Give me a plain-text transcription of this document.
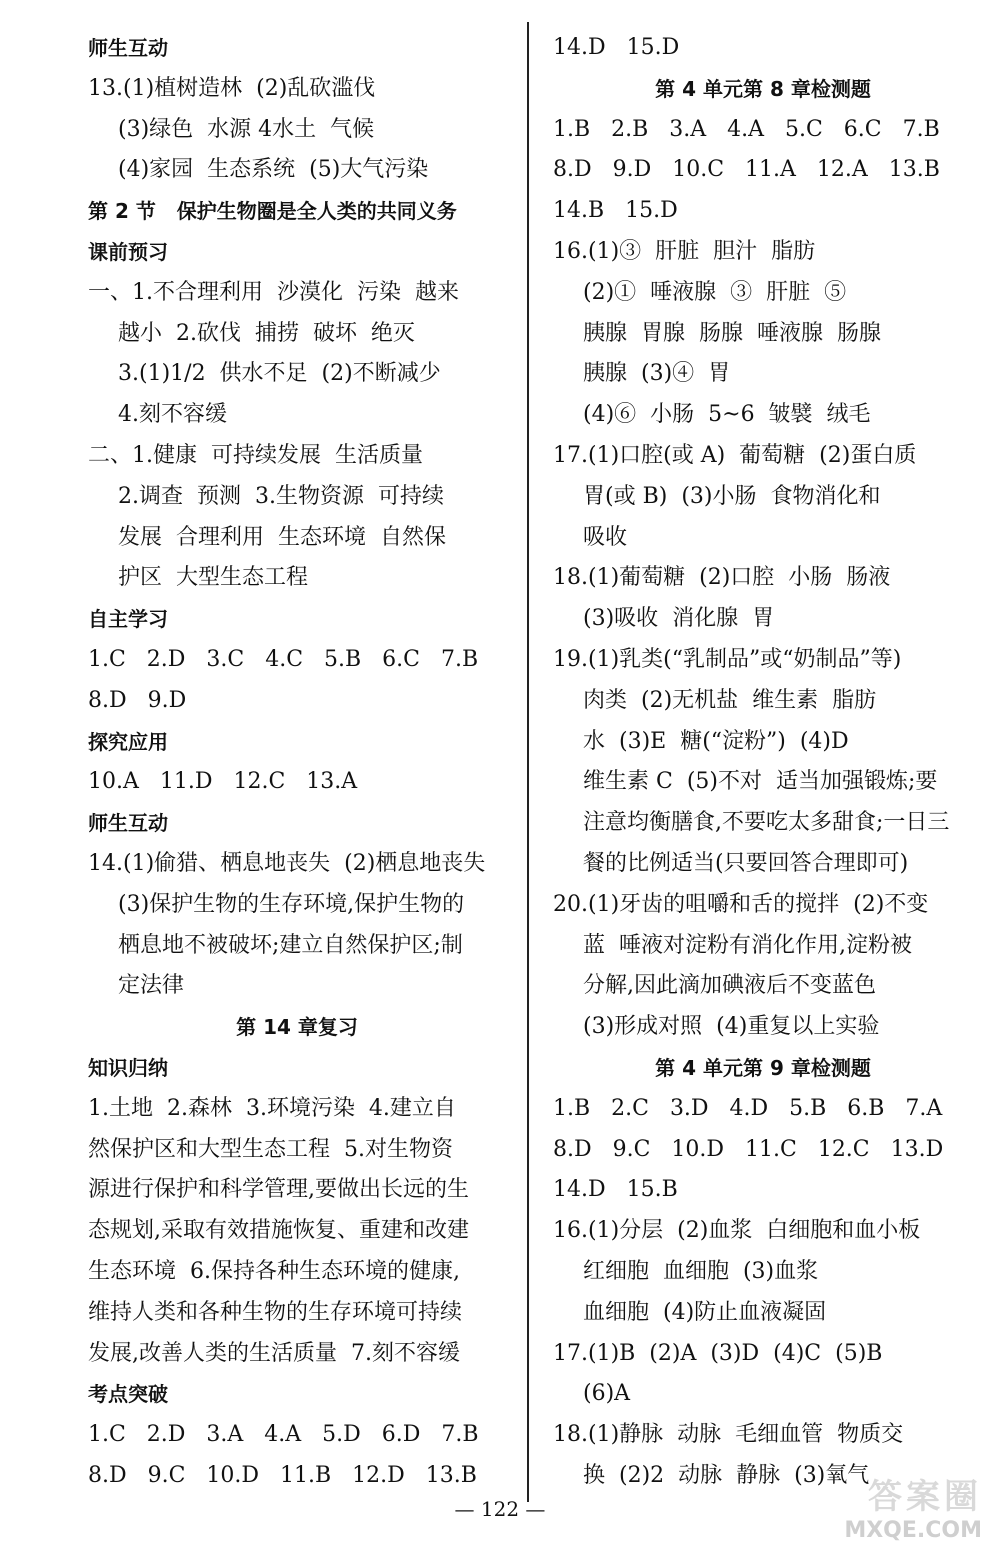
师生互动
13.(1)植树造林  (2)乱砍滥伐
(3)绿色  水源 4水土  气候
(4)家园  生态系统  (5)大气污染
第 2 节   保护生物圈是全人类的共同义务
课前预习
一、1.不合理利用  沙漠化  污染  越来
越小  2.砍伐  捕捞  破坏  绝灭
3.(1)1/2  供水不足  (2)不断减少
4.刻不容缓
二、1.健康  可持续发展  生活质量
2.调查  预测  3.生物资源  可持续
发展  合理利用  生态环境  自然保
护区  大型生态工程
自主学习
1.C   2.D   3.C   4.C   5.B   6.C   7.B
8.D   9.D
探究应用
10.A   11.D   12.C   13.A
师生互动
14.(1)偷猎、栖息地丧失  (2)栖息地丧失
(3)保护生物的生存环境,保护生物的
栖息地不被破坏;建立自然保护区;制
定法律
第 14 章复习
知识归纳
1.土地  2.森林  3.环境污染  4.建立自
然保护区和大型生态工程  5.对生物资
源进行保护和科学管理,要做出长远的生
态规划,采取有效措施恢复、重建和改建
生态环境  6.保持各种生态环境的健康,
维持人类和各种生物的生存环境可持续
发展,改善人类的生活质量  7.刻不容缓
考点突破
1.C   2.D   3.A   4.A   5.D   6.D   7.B
8.D   9.C   10.D   11.B   12.D   13.B
14.D   15.D
第 4 单元第 8 章检测题
1.B   2.B   3.A   4.A   5.C   6.C   7.B
8.D   9.D   10.C   11.A   12.A   13.B
14.B   15.D
16.(1)③  肝脏  胆汁  脂肪
(2)①  唾液腺  ③  肝脏  ⑤
胰腺  胃腺  肠腺  唾液腺  肠腺
胰腺  (3)④  胃
(4)⑥  小肠  5~6  皱襞  绒毛
17.(1)口腔(或 A)  葡萄糖  (2)蛋白质
胃(或 B)  (3)小肠  食物消化和
吸收
18.(1)葡萄糖  (2)口腔  小肠  肠液
(3)吸收  消化腺  胃
19.(1)乳类(“乳制品”或“奶制品”等)
肉类  (2)无机盐  维生素  脂肪
水  (3)E  糖(“淀粉”)  (4)D
维生素 C  (5)不对  适当加强锻炼;要
注意均衡膳食,不要吃太多甜食;一日三
餐的比例适当(只要回答合理即可)
20.(1)牙齿的咀嚼和舌的搅拌  (2)不变
蓝  唾液对淀粉有消化作用,淀粉被
分解,因此滴加碘液后不变蓝色
(3)形成对照  (4)重复以上实验
第 4 单元第 9 章检测题
1.B   2.C   3.D   4.D   5.B   6.B   7.A
8.D   9.C   10.D   11.C   12.C   13.D
14.D   15.B
16.(1)分层  (2)血浆  白细胞和血小板
红细胞  血细胞  (3)血浆
血细胞  (4)防止血液凝固
17.(1)B  (2)A  (3)D  (4)C  (5)B
(6)A
18.(1)静脉  动脉  毛细血管  物质交
换  (2)2  动脉  静脉  (3)氧气
— 122 —	答案圈
MXQE.COM
